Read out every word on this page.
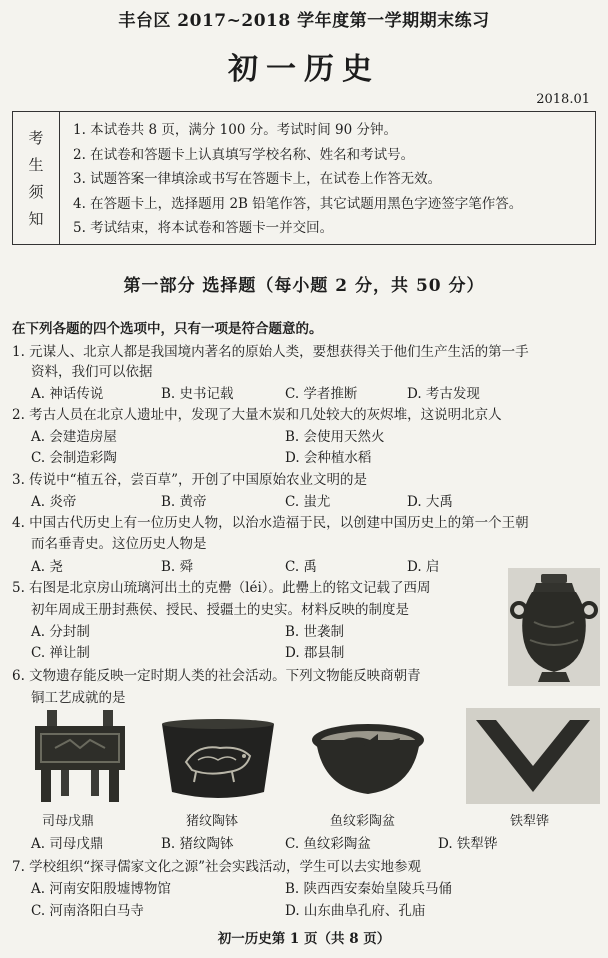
丰台区 2017~2018 学年度第一学期期末练习
初一历史
2018.01
考
生
须
知
1. 本试卷共 8 页，满分 100 分。考试时间 90 分钟。
2. 在试卷和答题卡上认真填写学校名称、姓名和考试号。
3. 试题答案一律填涂或书写在答题卡上，在试卷上作答无效。
4. 在答题卡上，选择题用 2B 铅笔作答，其它试题用黑色字迹签字笔作答。
5. 考试结束，将本试卷和答题卡一并交回。
第一部分 选择题（每小题 2 分，共 50 分）
在下列各题的四个选项中，只有一项是符合题意的。
1. 元谋人、北京人都是我国境内著名的原始人类，要想获得关于他们生产生活的第一手
资料，我们可以依据
A. 神话传说	B. 史书记载	C. 学者推断	D. 考古发现
2. 考古人员在北京人遗址中，发现了大量木炭和几处较大的灰烬堆，这说明北京人
A. 会建造房屋	B. 会使用天然火
C. 会制造彩陶	D. 会种植水稻
3. 传说中“植五谷，尝百草”，开创了中国原始农业文明的是
A. 炎帝	B. 黄帝	C. 蚩尤	D. 大禹
4. 中国古代历史上有一位历史人物，以治水造福于民，以创建中国历史上的第一个王朝
而名垂青史。这位历史人物是
A. 尧	B. 舜	C. 禹	D. 启
5. 右图是北京房山琉璃河出土的克罍（léi）。此罍上的铭文记载了西周
初年周成王册封燕侯、授民、授疆土的史实。材料反映的制度是
A. 分封制	B. 世袭制
C. 禅让制	D. 郡县制
6. 文物遗存能反映一定时期人类的社会活动。下列文物能反映商朝青
铜工艺成就的是
司母戊鼎	猪纹陶钵	鱼纹彩陶盆	铁犁铧
A. 司母戊鼎	B. 猪纹陶钵	C. 鱼纹彩陶盆	D. 铁犁铧
7. 学校组织“探寻儒家文化之源”社会实践活动，学生可以去实地参观
A. 河南安阳殷墟博物馆	B. 陕西西安秦始皇陵兵马俑
C. 河南洛阳白马寺	D. 山东曲阜孔府、孔庙
初一历史第 1 页（共 8 页）
